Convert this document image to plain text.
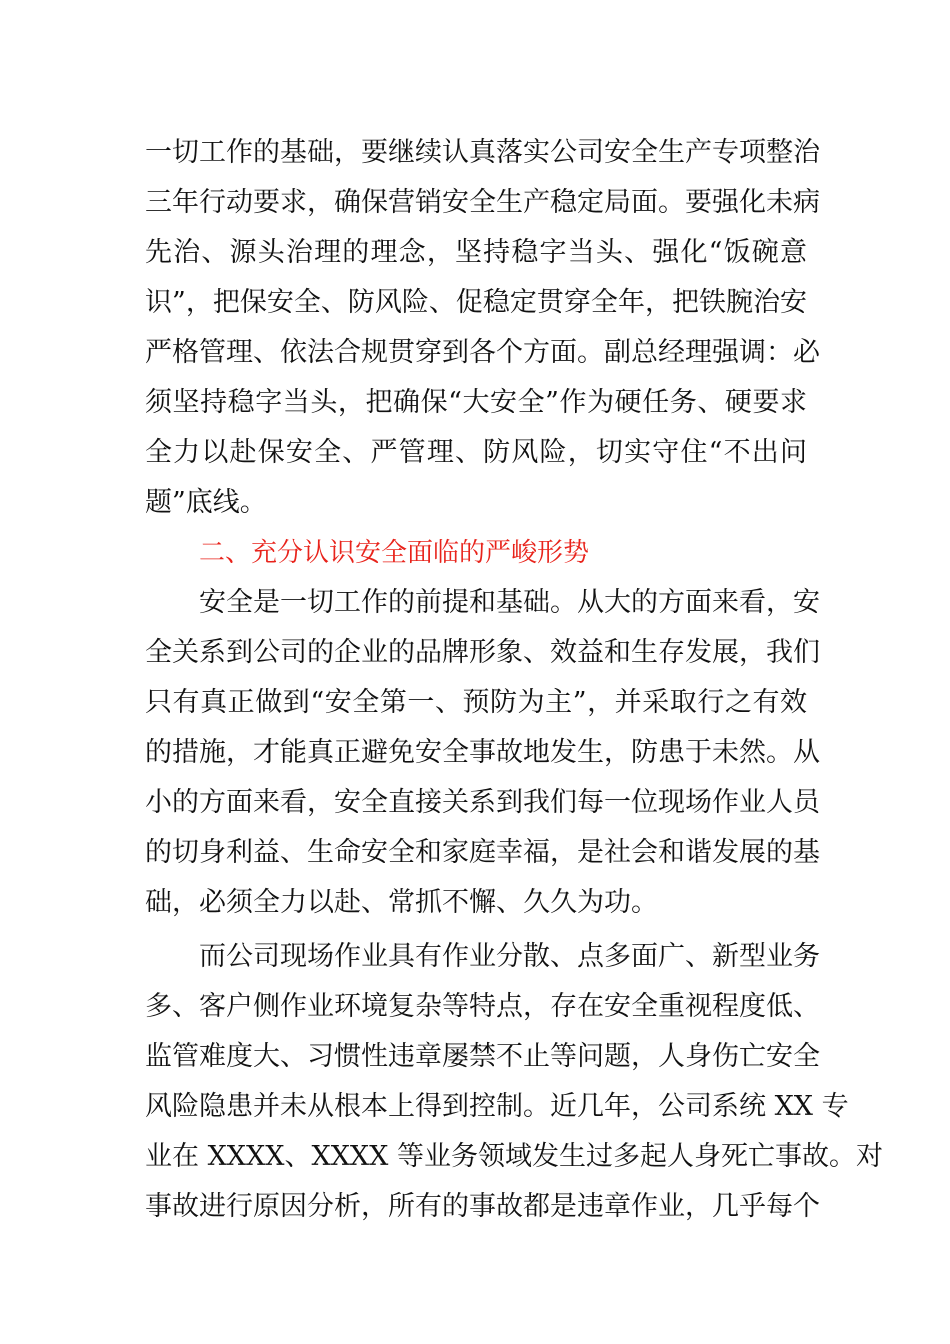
一切工作的基础，要继续认真落实公司安全生产专项整治
三年行动要求，确保营销安全生产稳定局面。要强化未病
先治、源头治理的理念，坚持稳字当头、强化“饭碗意
识”，把保安全、防风险、促稳定贯穿全年，把铁腕治安
严格管理、依法合规贯穿到各个方面。副总经理强调：必
须坚持稳字当头，把确保“大安全”作为硬任务、硬要求
全力以赴保安全、严管理、防风险，切实守住“不出问
题”底线。
二、充分认识安全面临的严峻形势
安全是一切工作的前提和基础。从大的方面来看，安
全关系到公司的企业的品牌形象、效益和生存发展，我们
只有真正做到“安全第一、预防为主”，并采取行之有效
的措施，才能真正避免安全事故地发生，防患于未然。从
小的方面来看，安全直接关系到我们每一位现场作业人员
的切身利益、生命安全和家庭幸福，是社会和谐发展的基
础，必须全力以赴、常抓不懈、久久为功。
而公司现场作业具有作业分散、点多面广、新型业务
多、客户侧作业环境复杂等特点，存在安全重视程度低、
监管难度大、习惯性违章屡禁不止等问题，人身伤亡安全
风险隐患并未从根本上得到控制。近几年，公司系统 XX 专
业在 XXXX、XXXX 等业务领域发生过多起人身死亡事故。对
事故进行原因分析，所有的事故都是违章作业，几乎每个
